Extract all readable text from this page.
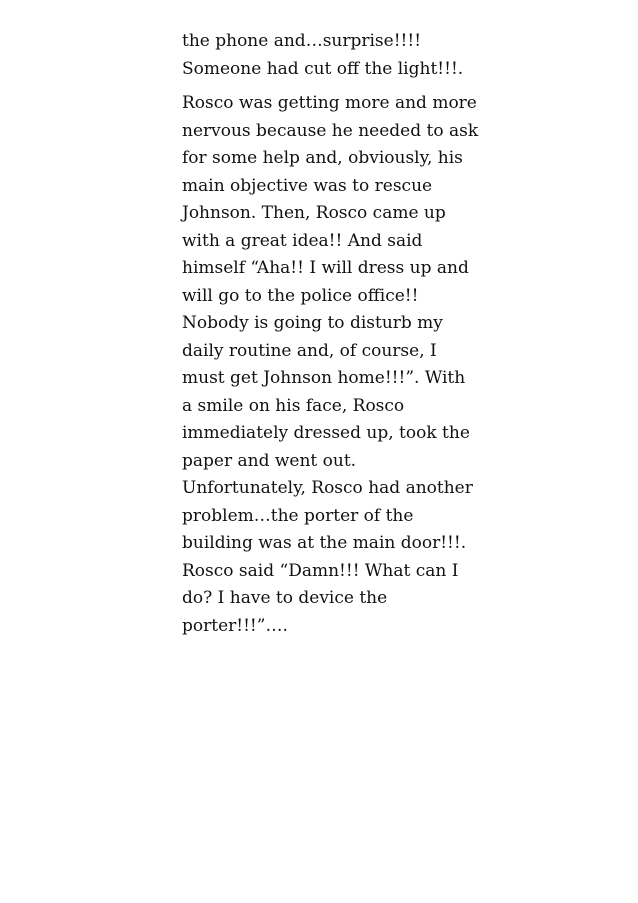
the phone and…surprise!!!!
Someone had cut off the light!!!.
Rosco was getting more and more
nervous because he needed to ask
for some help and, obviously, his
main objective was to rescue
Johnson. Then, Rosco came up
with a great idea!! And said
himself “Aha!! I will dress up and
will go to the police office!!
Nobody is going to disturb my
daily routine and, of course, I
must get Johnson home!!!”. With
a smile on his face, Rosco
immediately dressed up, took the
paper and went out.
Unfortunately, Rosco had another
problem…the porter of the
building was at the main door!!!.
Rosco said “Damn!!! What can I
do? I have to device the
porter!!!”….
